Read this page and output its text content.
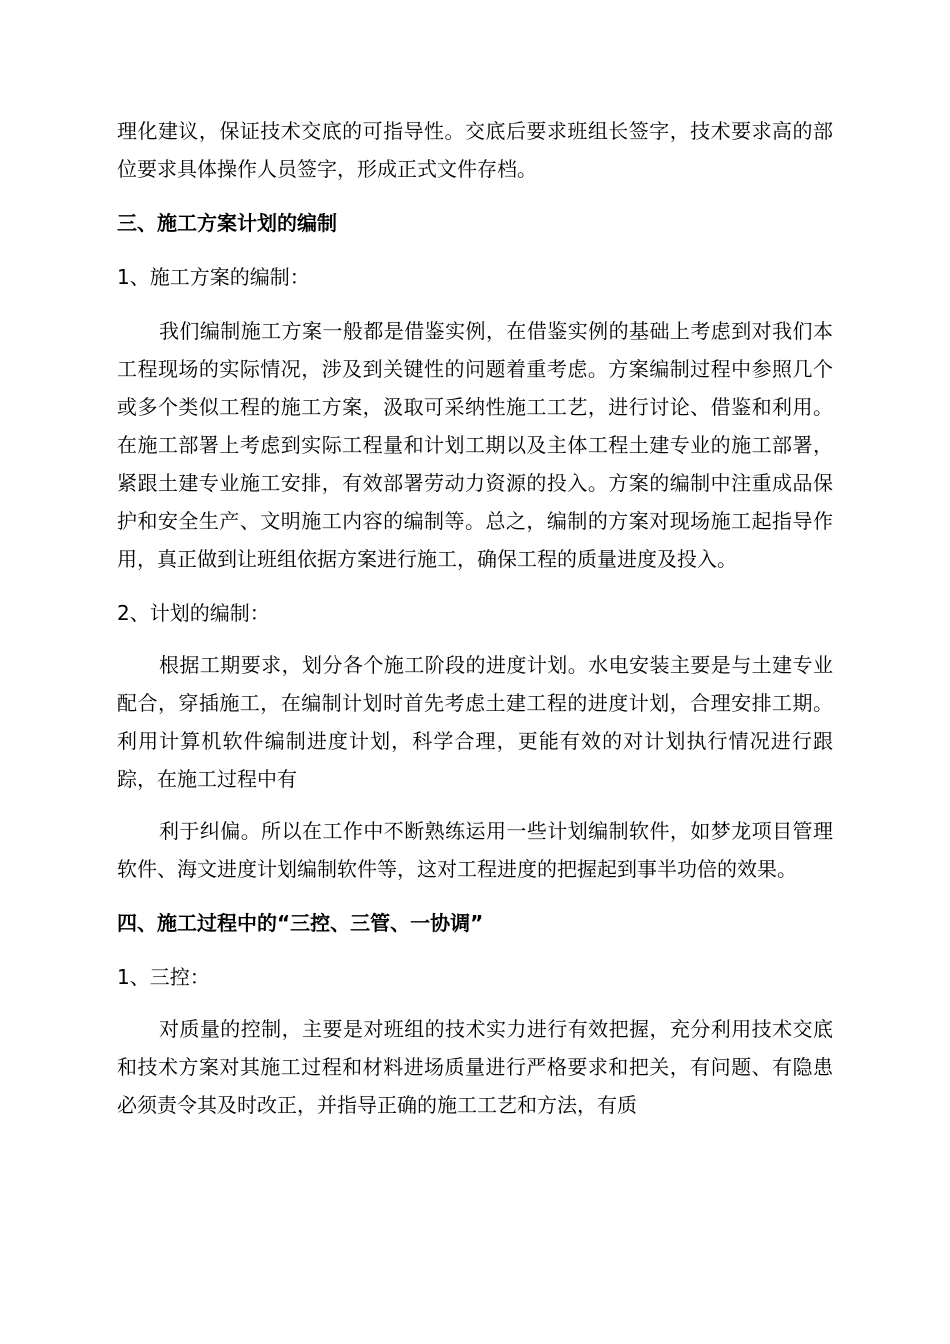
理化建议，保证技术交底的可指导性。交底后要求班组长签字，技术要求高的部位要求具体操作人员签字，形成正式文件存档。

三、施工方案计划的编制

1、施工方案的编制：

我们编制施工方案一般都是借鉴实例，在借鉴实例的基础上考虑到对我们本工程现场的实际情况，涉及到关键性的问题着重考虑。方案编制过程中参照几个或多个类似工程的施工方案，汲取可采纳性施工工艺，进行讨论、借鉴和利用。在施工部署上考虑到实际工程量和计划工期以及主体工程土建专业的施工部署，紧跟土建专业施工安排，有效部署劳动力资源的投入。方案的编制中注重成品保护和安全生产、文明施工内容的编制等。总之，编制的方案对现场施工起指导作用，真正做到让班组依据方案进行施工，确保工程的质量进度及投入。

2、计划的编制：

根据工期要求，划分各个施工阶段的进度计划。水电安装主要是与土建专业配合，穿插施工，在编制计划时首先考虑土建工程的进度计划，合理安排工期。利用计算机软件编制进度计划，科学合理，更能有效的对计划执行情况进行跟踪，在施工过程中有

利于纠偏。所以在工作中不断熟练运用一些计划编制软件，如梦龙项目管理软件、海文进度计划编制软件等，这对工程进度的把握起到事半功倍的效果。

四、施工过程中的“三控、三管、一协调”

1、三控：

对质量的控制，主要是对班组的技术实力进行有效把握，充分利用技术交底和技术方案对其施工过程和材料进场质量进行严格要求和把关，有问题、有隐患必须责令其及时改正，并指导正确的施工工艺和方法，有质
